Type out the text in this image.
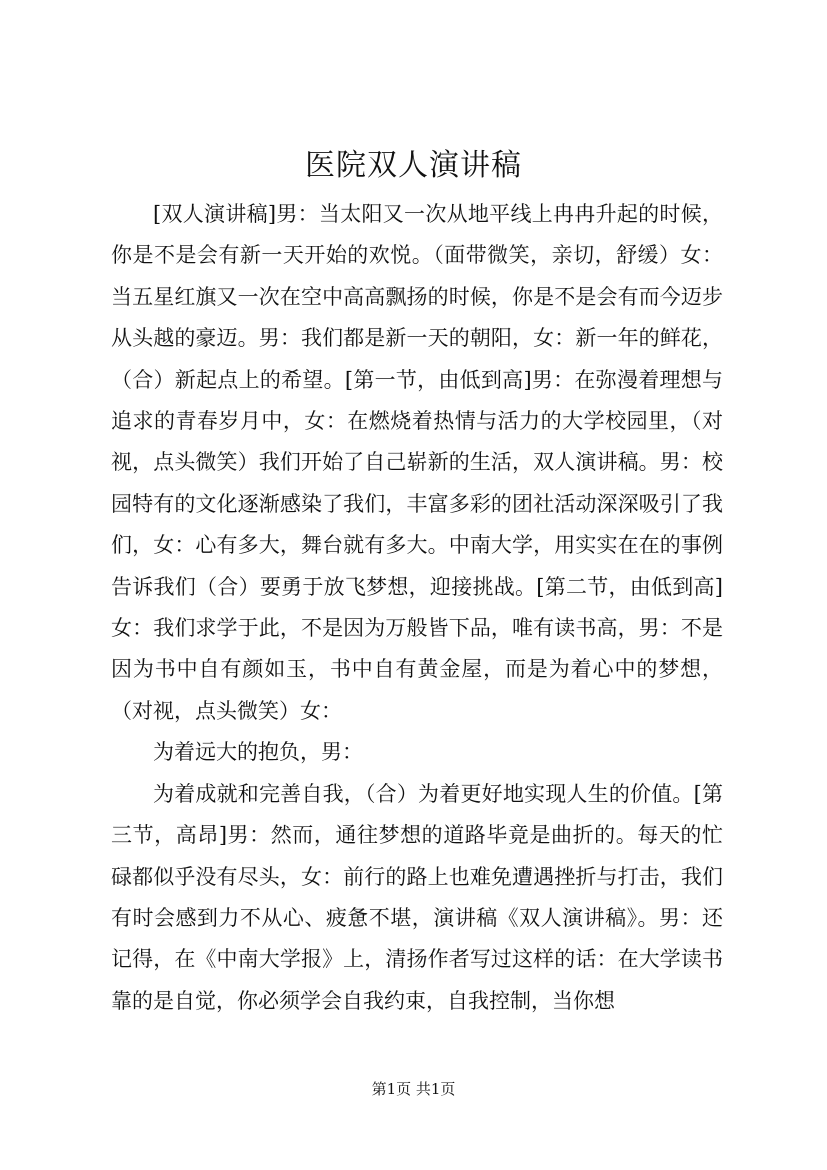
医院双人演讲稿

[双人演讲稿]男：当太阳又一次从地平线上冉冉升起的时候，你是不是会有新一天开始的欢悦。（面带微笑，亲切，舒缓）女：当五星红旗又一次在空中高高飘扬的时候，你是不是会有而今迈步从头越的豪迈。男：我们都是新一天的朝阳，女：新一年的鲜花，（合）新起点上的希望。[第一节，由低到高]男：在弥漫着理想与追求的青春岁月中，女：在燃烧着热情与活力的大学校园里，（对视，点头微笑）我们开始了自己崭新的生活，双人演讲稿。男：校园特有的文化逐渐感染了我们，丰富多彩的团社活动深深吸引了我们，女：心有多大，舞台就有多大。中南大学，用实实在在的事例告诉我们（合）要勇于放飞梦想，迎接挑战。[第二节，由低到高]女：我们求学于此，不是因为万般皆下品，唯有读书高，男：不是因为书中自有颜如玉，书中自有黄金屋，而是为着心中的梦想，（对视，点头微笑）女：

为着远大的抱负，男：

为着成就和完善自我，（合）为着更好地实现人生的价值。[第三节，高昂]男：然而，通往梦想的道路毕竟是曲折的。每天的忙碌都似乎没有尽头，女：前行的路上也难免遭遇挫折与打击，我们有时会感到力不从心、疲惫不堪，演讲稿《双人演讲稿》。男：还记得，在《中南大学报》上，清扬作者写过这样的话：在大学读书靠的是自觉，你必须学会自我约束，自我控制，当你想

第1页 共1页
